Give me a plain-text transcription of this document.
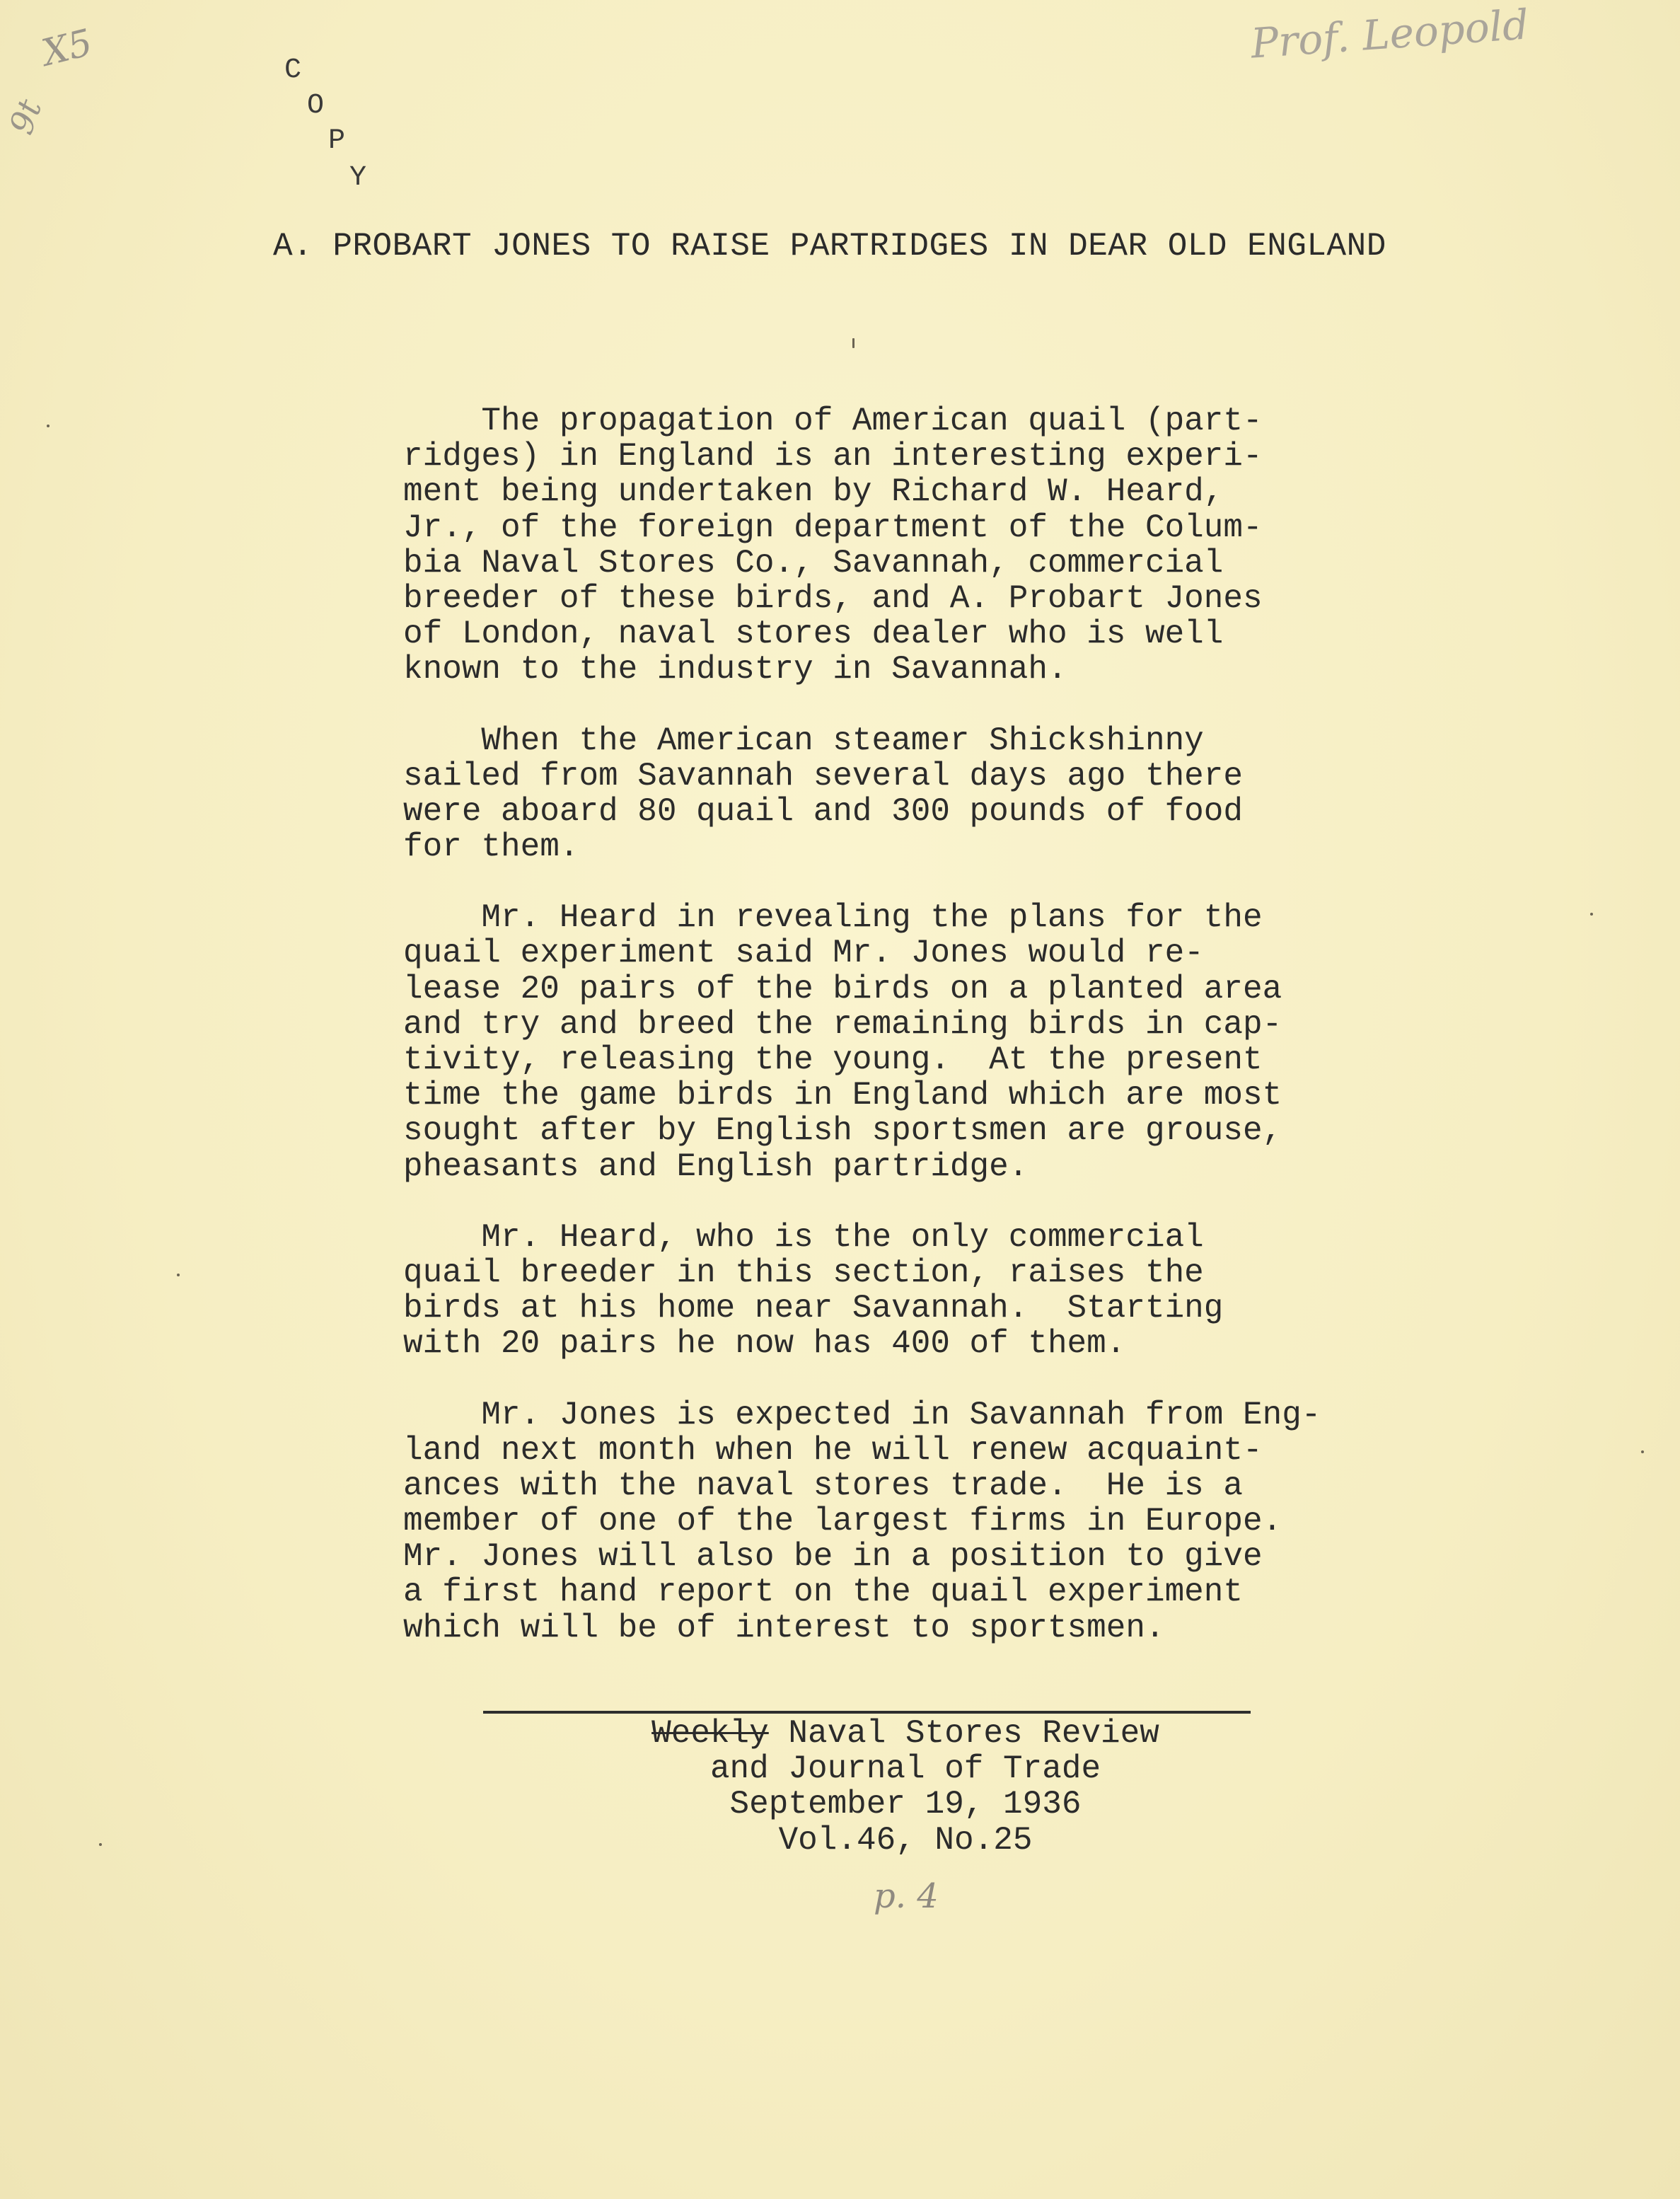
X5
9t
Prof. Leopold
C
O
P
Y
A. PROBART JONES TO RAISE PARTRIDGES IN DEAR OLD ENGLAND
The propagation of American quail (part-
ridges) in England is an interesting experi-
ment being undertaken by Richard W. Heard,
Jr., of the foreign department of the Colum-
bia Naval Stores Co., Savannah, commercial
breeder of these birds, and A. Probart Jones
of London, naval stores dealer who is well
known to the industry in Savannah.
When the American steamer Shickshinny
sailed from Savannah several days ago there
were aboard 80 quail and 300 pounds of food
for them.
Mr. Heard in revealing the plans for the
quail experiment said Mr. Jones would re-
lease 20 pairs of the birds on a planted area
and try and breed the remaining birds in cap-
tivity, releasing the young.  At the present
time the game birds in England which are most
sought after by English sportsmen are grouse,
pheasants and English partridge.
Mr. Heard, who is the only commercial
quail breeder in this section, raises the
birds at his home near Savannah.  Starting
with 20 pairs he now has 400 of them.
Mr. Jones is expected in Savannah from Eng-
land next month when he will renew acquaint-
ances with the naval stores trade.  He is a
member of one of the largest firms in Europe.
Mr. Jones will also be in a position to give
a first hand report on the quail experiment
which will be of interest to sportsmen.
Weekly Naval Stores Review
and Journal of Trade
September 19, 1936
Vol.46, No.25
p. 4
